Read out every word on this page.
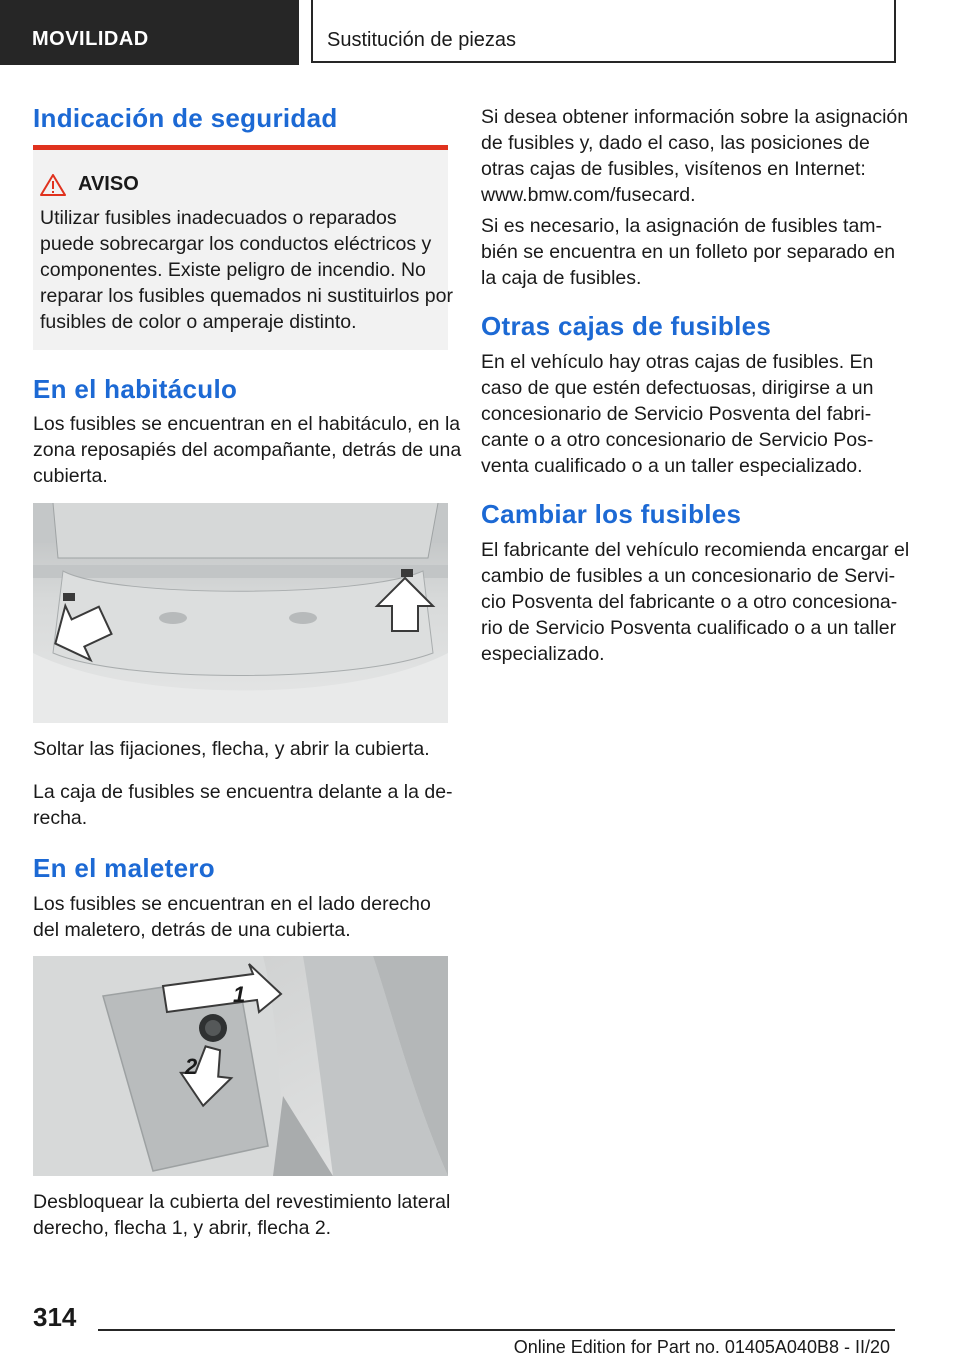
MOVILIDAD	Sustitución de piezas
Indicación de seguridad
AVISO

Utilizar fusibles inadecuados o reparados

puede sobrecargar los conductos eléctricos y

componentes. Existe peligro de incendio. No

reparar los fusibles quemados ni sustituirlos por

fusibles de color o amperaje distinto.

En el habitáculo

Los fusibles se encuentran en el habitáculo, en la

zona reposapiés del acompañante, detrás de una

cubierta.

Soltar las fijaciones, flecha, y abrir la cubierta.

La caja de fusibles se encuentra delante a la de-

recha.

En el maletero

Los fusibles se encuentran en el lado derecho

del maletero, detrás de una cubierta.

1
2

Desbloquear la cubierta del revestimiento lateral

derecho, flecha 1, y abrir, flecha 2.

Si desea obtener información sobre la asignación

de fusibles y, dado el caso, las posiciones de

otras cajas de fusibles, visítenos en Internet:

www.bmw.com/fusecard.

Si es necesario, la asignación de fusibles tam-

bién se encuentra en un folleto por separado en

la caja de fusibles.

Otras cajas de fusibles

En el vehículo hay otras cajas de fusibles. En

caso de que estén defectuosas, dirigirse a un

concesionario de Servicio Posventa del fabri-

cante o a otro concesionario de Servicio Pos-

venta cualificado o a un taller especializado.

Cambiar los fusibles

El fabricante del vehículo recomienda encargar el

cambio de fusibles a un concesionario de Servi-

cio Posventa del fabricante o a otro concesiona-

rio de Servicio Posventa cualificado o a un taller

especializado.

314
Online Edition for Part no. 01405A040B8 - II/20
